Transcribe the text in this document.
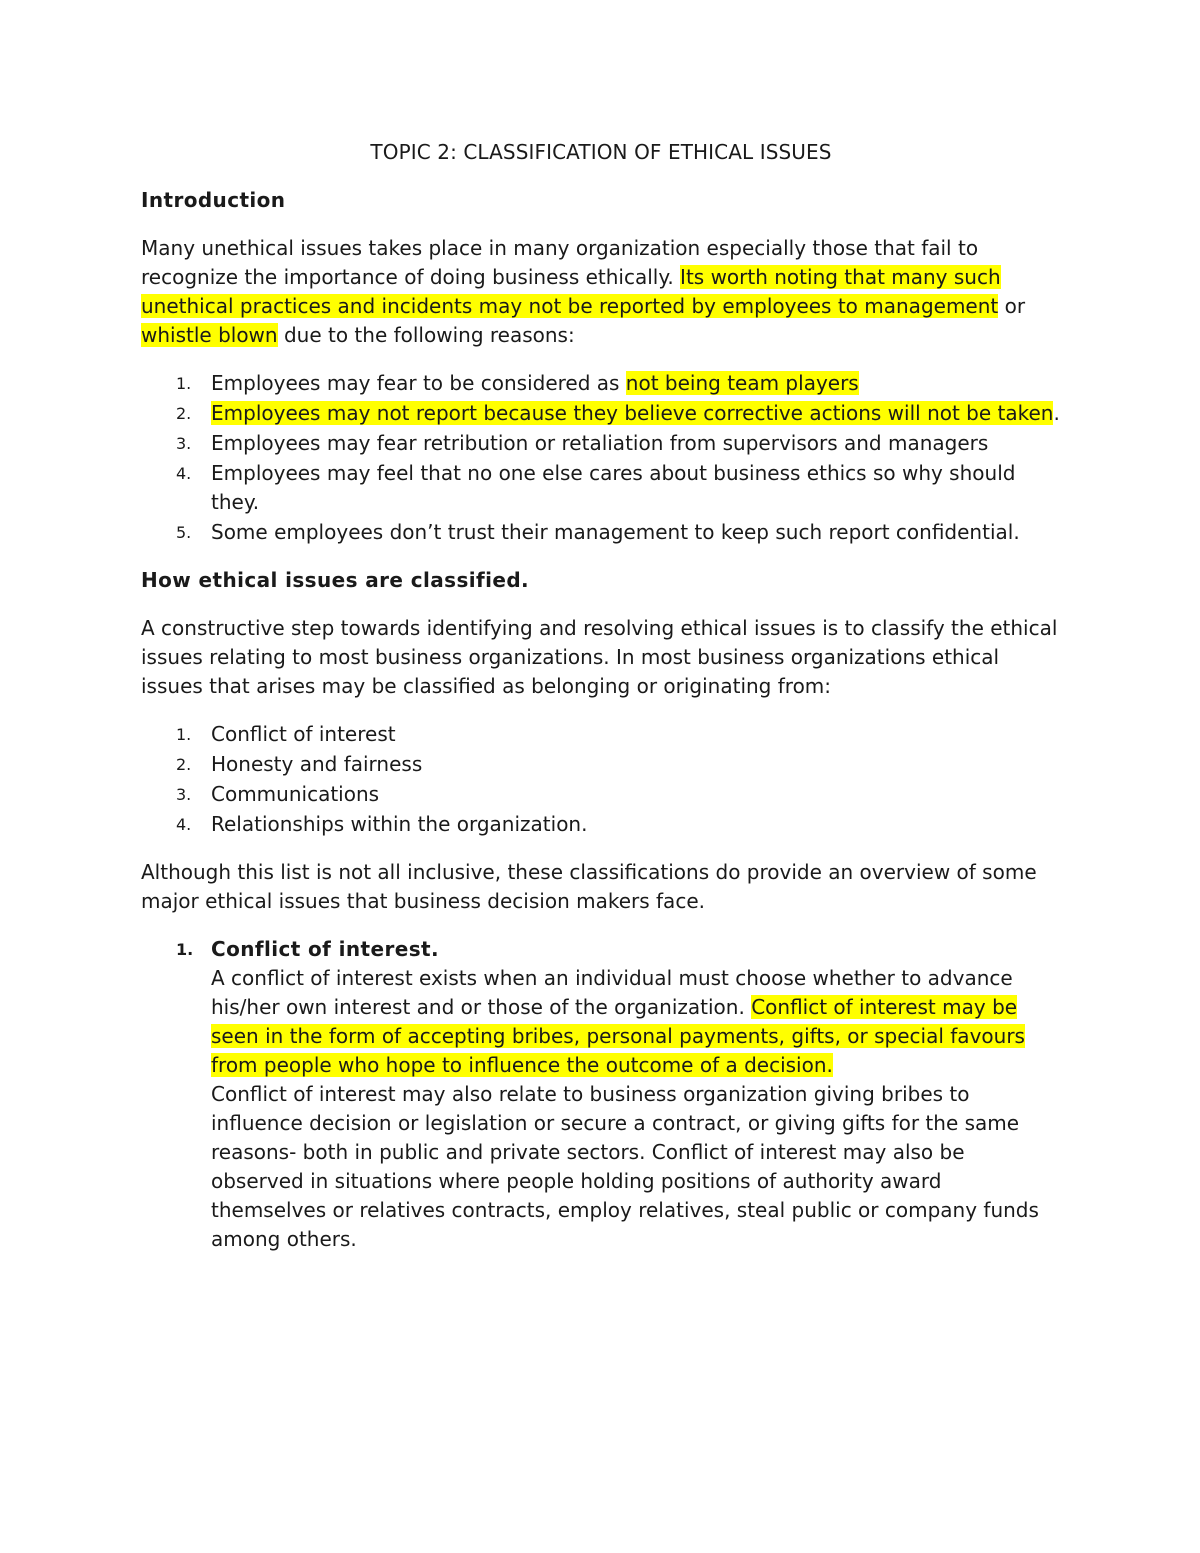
TOPIC 2: CLASSIFICATION OF ETHICAL ISSUES
Introduction

Many unethical issues takes place in many organization especially those that fail to recognize the importance of doing business ethically. Its worth noting that many such unethical practices and incidents may not be reported by employees to management or whistle blown due to the following reasons:

1. Employees may fear to be considered as not being team players
2. Employees may not report because they believe corrective actions will not be taken.
3. Employees may fear retribution or retaliation from supervisors and managers
4. Employees may feel that no one else cares about business ethics so why should they.
5. Some employees don’t trust their management to keep such report confidential.
How ethical issues are classified.

A constructive step towards identifying and resolving ethical issues is to classify the ethical issues relating to most business organizations. In most business organizations ethical issues that arises may be classified as belonging or originating from:

1. Conflict of interest
2. Honesty and fairness
3. Communications
4. Relationships within the organization.

Although this list is not all inclusive, these classifications do provide an overview of some major ethical issues that business decision makers face.

1. Conflict of interest.
A conflict of interest exists when an individual must choose whether to advance his/her own interest and or those of the organization. Conflict of interest may be seen in the form of accepting bribes, personal payments, gifts, or special favours from people who hope to influence the outcome of a decision.
Conflict of interest may also relate to business organization giving bribes to influence decision or legislation or secure a contract, or giving gifts for the same reasons- both in public and private sectors. Conflict of interest may also be observed in situations where people holding positions of authority award themselves or relatives contracts, employ relatives, steal public or company funds among others.
